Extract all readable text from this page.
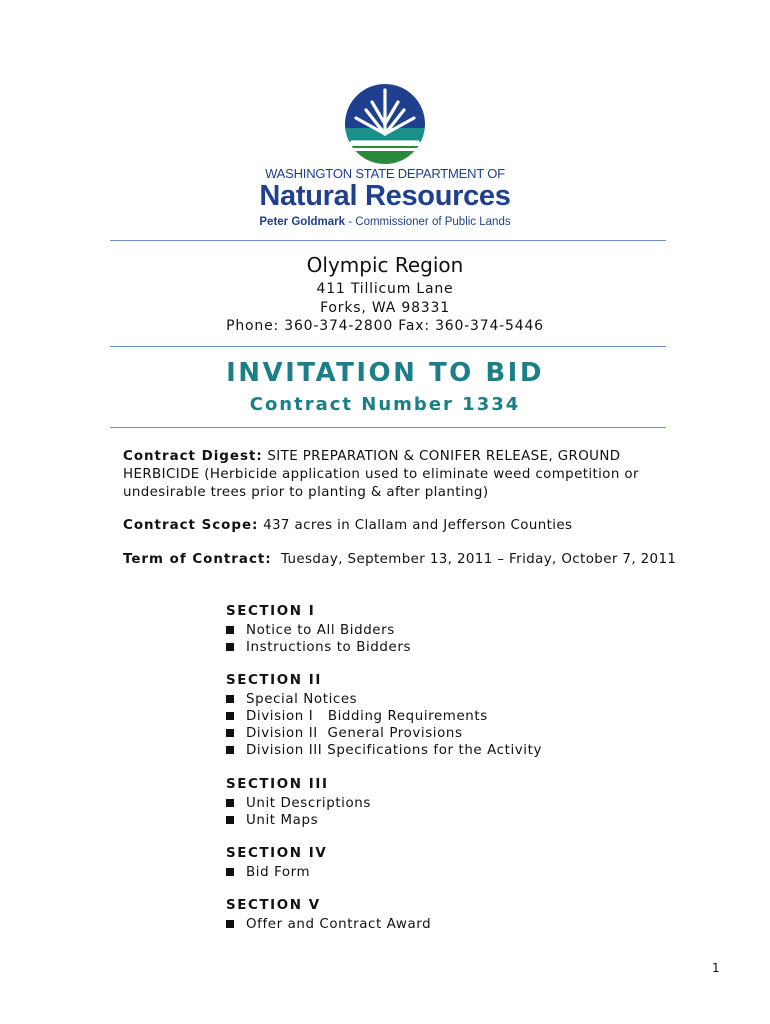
WASHINGTON STATE DEPARTMENT OF
Natural Resources
Peter Goldmark - Commissioner of Public Lands
Olympic Region
411 Tillicum Lane
Forks, WA 98331
Phone: 360-374-2800 Fax: 360-374-5446
INVITATION TO BID
Contract Number 1334
Contract Digest: SITE PREPARATION & CONIFER RELEASE, GROUND
HERBICIDE (Herbicide application used to eliminate weed competition or
undesirable trees prior to planting & after planting)
Contract Scope: 437 acres in Clallam and Jefferson Counties
Term of Contract:  Tuesday, September 13, 2011 – Friday, October 7, 2011
SECTION I
Notice to All Bidders
Instructions to Bidders
SECTION II
Special Notices
Division I   Bidding Requirements
Division II  General Provisions
Division III Specifications for the Activity
SECTION III
Unit Descriptions
Unit Maps
SECTION IV
Bid Form
SECTION V
Offer and Contract Award
1
